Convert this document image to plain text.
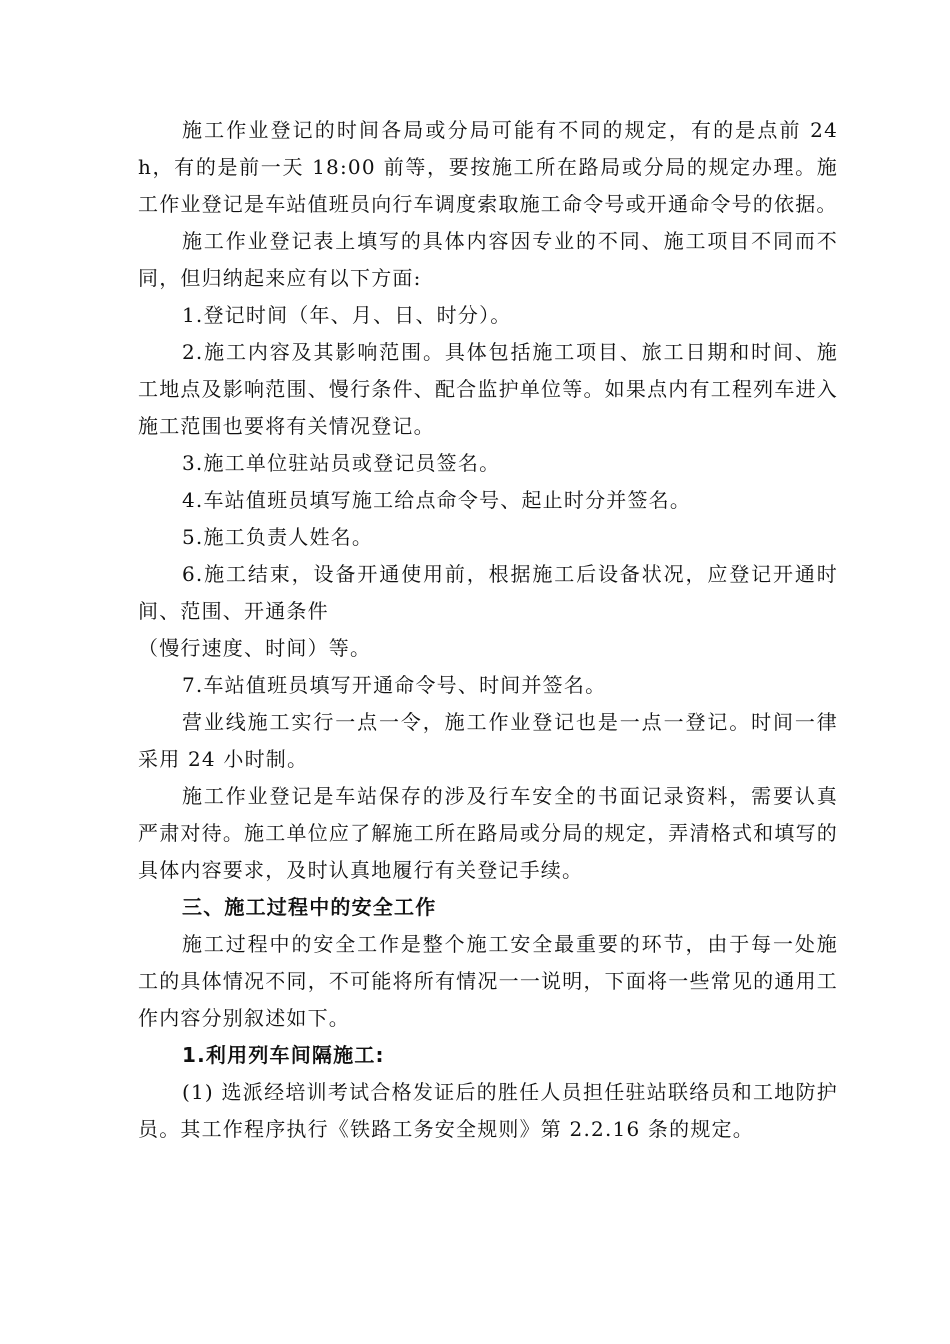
施工作业登记的时间各局或分局可能有不同的规定，有的是点前 24 h，有的是前一天 18:00 前等，要按施工所在路局或分局的规定办理。施工作业登记是车站值班员向行车调度索取施工命令号或开通命令号的依据。

施工作业登记表上填写的具体内容因专业的不同、施工项目不同而不同，但归纳起来应有以下方面:

1.登记时间（年、月、日、时分）。

2.施工内容及其影响范围。具体包括施工项目、旅工日期和时间、施工地点及影响范围、慢行条件、配合监护单位等。如果点内有工程列车进入施工范围也要将有关情况登记。

3.施工单位驻站员或登记员签名。

4.车站值班员填写施工给点命令号、起止时分并签名。

5.施工负责人姓名。

6.施工结束，设备开通使用前，根据施工后设备状况，应登记开通时间、范围、开通条件

（慢行速度、时间）等。

7.车站值班员填写开通命令号、时间并签名。

营业线施工实行一点一令，施工作业登记也是一点一登记。时间一律采用 24 小时制。

施工作业登记是车站保存的涉及行车安全的书面记录资料，需要认真严肃对待。施工单位应了解施工所在路局或分局的规定，弄清格式和填写的具体内容要求，及时认真地履行有关登记手续。

三、施工过程中的安全工作

施工过程中的安全工作是整个施工安全最重要的环节，由于每一处施工的具体情况不同，不可能将所有情况一一说明，下面将一些常见的通用工作内容分别叙述如下。

1.利用列车间隔施工:

(1) 选派经培训考试合格发证后的胜任人员担任驻站联络员和工地防护员。其工作程序执行《铁路工务安全规则》第 2.2.16 条的规定。
